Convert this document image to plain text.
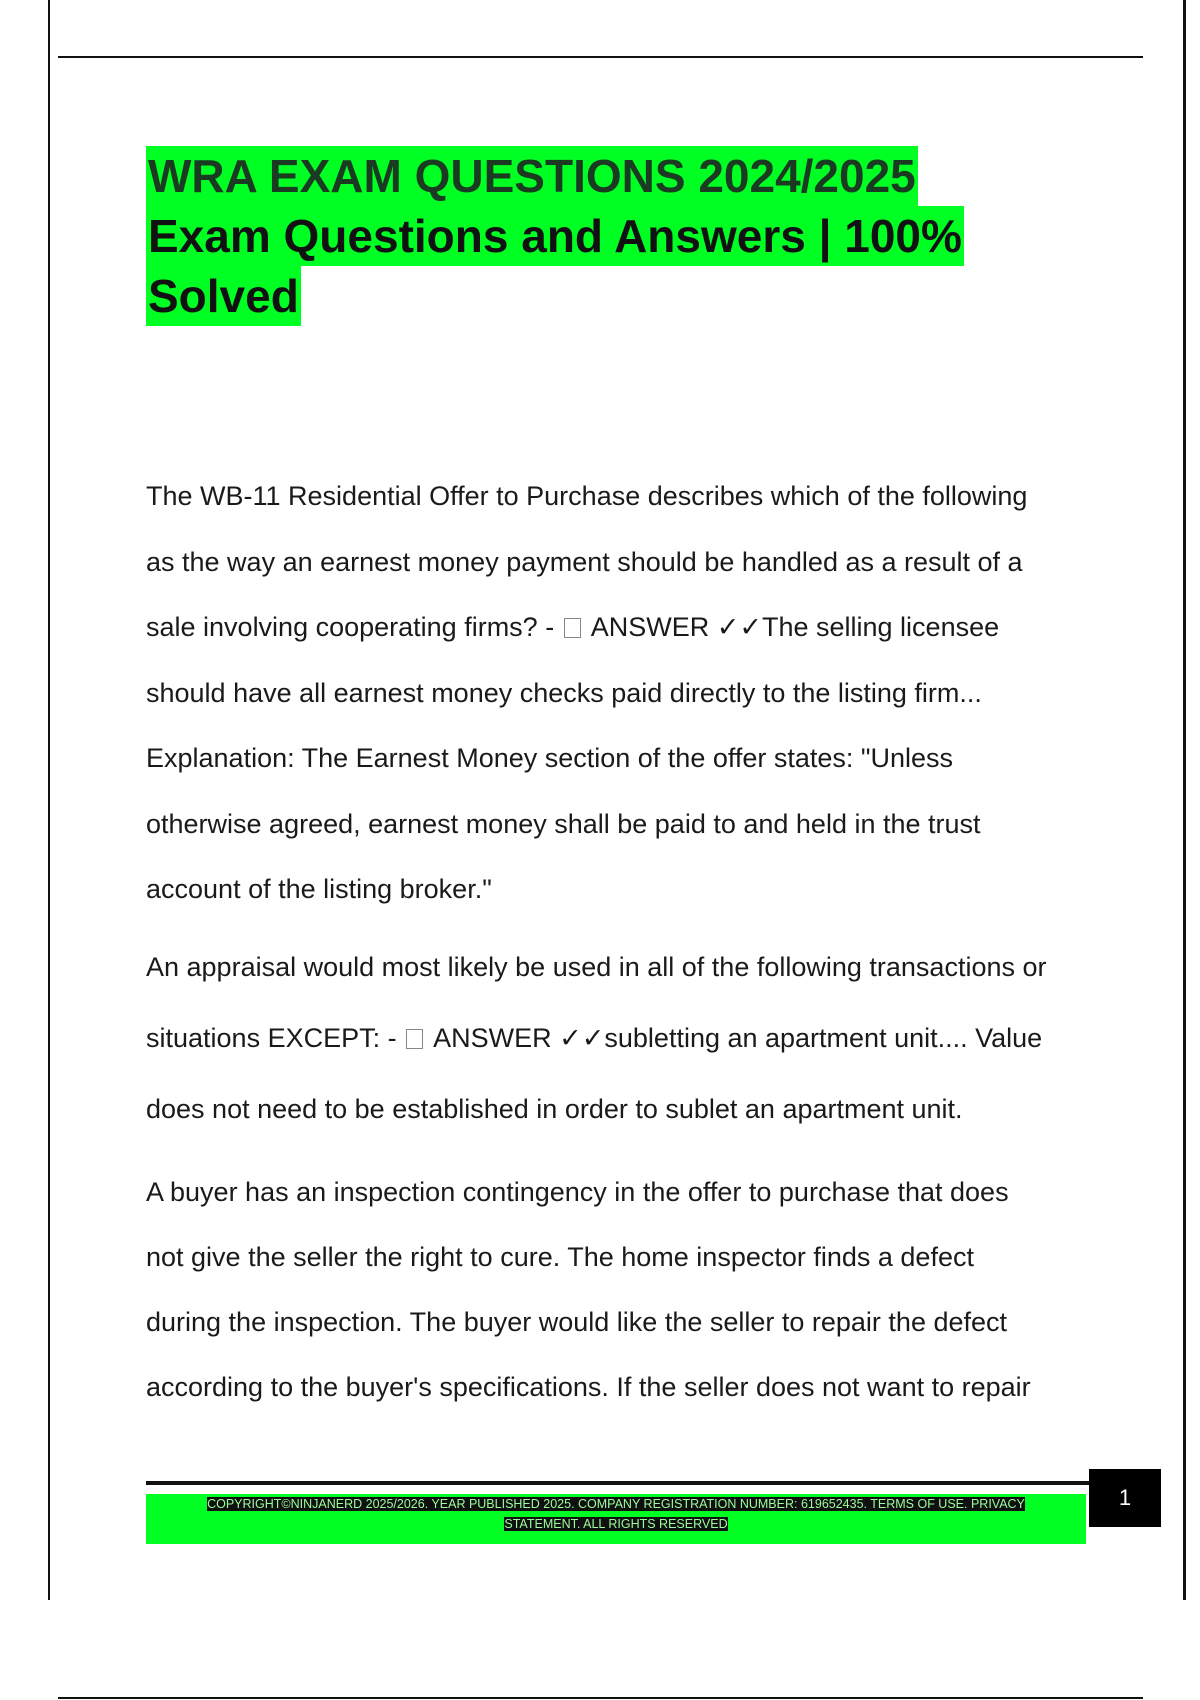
WRA EXAM QUESTIONS 2024/2025
Exam Questions and Answers | 100%
Solved
The WB-11 Residential Offer to Purchase describes which of the following
as the way an earnest money payment should be handled as a result of a
sale involving cooperating firms? -  ANSWER ✓✓The selling licensee
should have all earnest money checks paid directly to the listing firm...
Explanation: The Earnest Money section of the offer states: "Unless
otherwise agreed, earnest money shall be paid to and held in the trust
account of the listing broker."
An appraisal would most likely be used in all of the following transactions or
situations EXCEPT: -  ANSWER ✓✓subletting an apartment unit.... Value
does not need to be established in order to sublet an apartment unit.
A buyer has an inspection contingency in the offer to purchase that does
not give the seller the right to cure. The home inspector finds a defect
during the inspection. The buyer would like the seller to repair the defect
according to the buyer's specifications. If the seller does not want to repair
COPYRIGHT©NINJANERD 2025/2026. YEAR PUBLISHED 2025. COMPANY REGISTRATION NUMBER: 619652435. TERMS OF USE. PRIVACY
STATEMENT. ALL RIGHTS RESERVED
1
